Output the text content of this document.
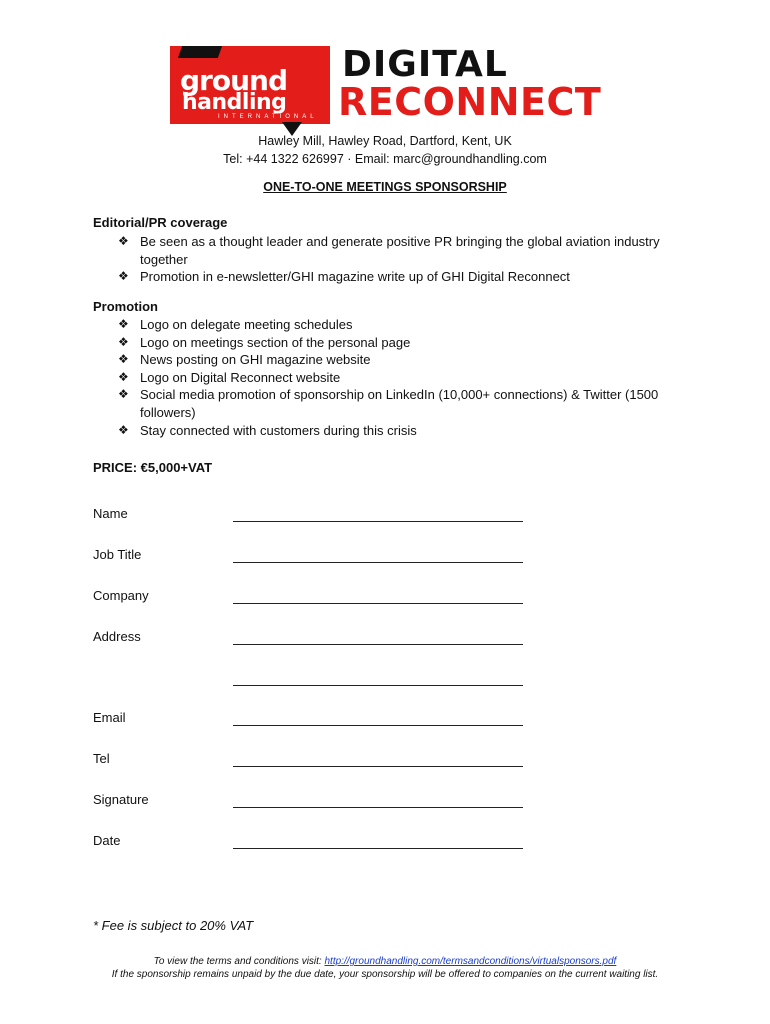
ground
handling
INTERNATIONAL
DIGITAL
RECONNECT
Hawley Mill, Hawley Road, Dartford, Kent, UK
Tel: +44 1322 626997 · Email: marc@groundhandling.com
ONE-TO-ONE MEETINGS SPONSORSHIP
Editorial/PR coverage
❖ Be seen as a thought leader and generate positive PR bringing the global aviation industry together
❖ Promotion in e-newsletter/GHI magazine write up of GHI Digital Reconnect
Promotion
❖ Logo on delegate meeting schedules
❖ Logo on meetings section of the personal page
❖ News posting on GHI magazine website
❖ Logo on Digital Reconnect website
❖ Social media promotion of sponsorship on LinkedIn (10,000+ connections) & Twitter (1500 followers)
❖ Stay connected with customers during this crisis
PRICE: €5,000+VAT
Name
Job Title
Company
Address
Email
Tel
Signature
Date
* Fee is subject to 20% VAT
To view the terms and conditions visit: http://groundhandling.com/termsandconditions/virtualsponsors.pdf
If the sponsorship remains unpaid by the due date, your sponsorship will be offered to companies on the current waiting list.
